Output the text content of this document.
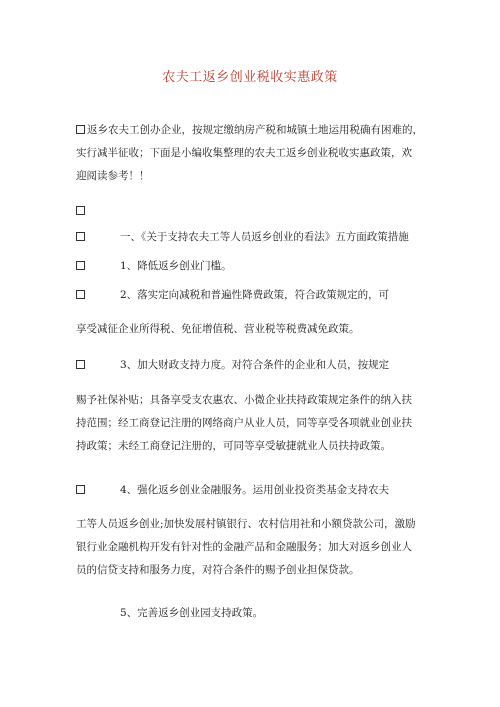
农夫工返乡创业税收实惠政策
返乡农夫工创办企业，按规定缴纳房产税和城镇土地运用税确有困难的，
实行减半征收；下面是小编收集整理的农夫工返乡创业税收实惠政策，欢
迎阅读参考！！
一、《关于支持农夫工等人员返乡创业的看法》五方面政策措施
1、降低返乡创业门槛。
2、落实定向减税和普遍性降费政策，符合政策规定的，可
享受减征企业所得税、免征增值税、营业税等税费减免政策。
3、加大财政支持力度。对符合条件的企业和人员，按规定
赐予社保补贴；具备享受支农惠农、小微企业扶持政策规定条件的纳入扶
持范围；经工商登记注册的网络商户从业人员，同等享受各项就业创业扶
持政策；未经工商登记注册的，可同等享受敏捷就业人员扶持政策。
4、强化返乡创业金融服务。运用创业投资类基金支持农夫
工等人员返乡创业;加快发展村镇银行、农村信用社和小额贷款公司，激励
银行业金融机构开发有针对性的金融产品和金融服务；加大对返乡创业人
员的信贷支持和服务力度，对符合条件的赐予创业担保贷款。
5、完善返乡创业园支持政策。
